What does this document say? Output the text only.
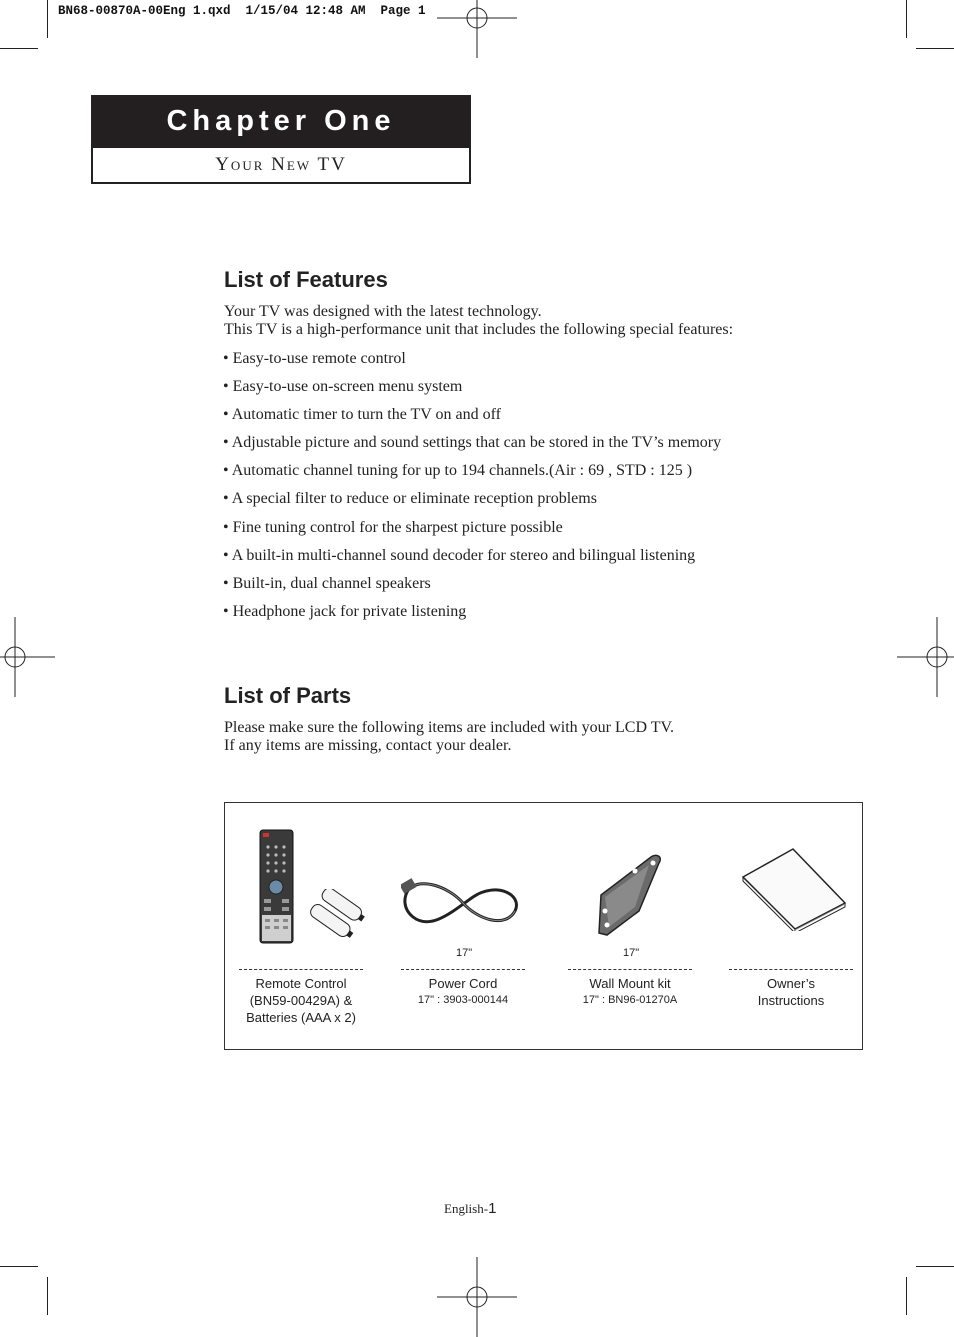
BN68-00870A-00Eng 1.qxd  1/15/04 12:48 AM  Page 1
Chapter One
Your New TV
List of Features

Your TV was designed with the latest technology.

This TV is a high-performance unit that includes the following special features:

• Easy-to-use remote control
• Easy-to-use on-screen menu system
• Automatic timer to turn the TV on and off
• Adjustable picture and sound settings that can be stored in the TV’s memory
• Automatic channel tuning for up to 194 channels.(Air : 69 , STD : 125 )
• A special filter to reduce or eliminate reception problems
• Fine tuning control for the sharpest picture possible
• A built-in multi-channel sound decoder for stereo and bilingual listening
• Built-in, dual channel speakers
• Headphone jack for private listening
List of Parts

Please make sure the following items are included with your LCD TV.

If any items are missing, contact your dealer.

17"	17"
Remote Control
(BN59-00429A) &
Batteries (AAA x 2)
Power Cord
17" : 3903-000144
Wall Mount kit
17" : BN96-01270A
Owner’s
Instructions
English-1
